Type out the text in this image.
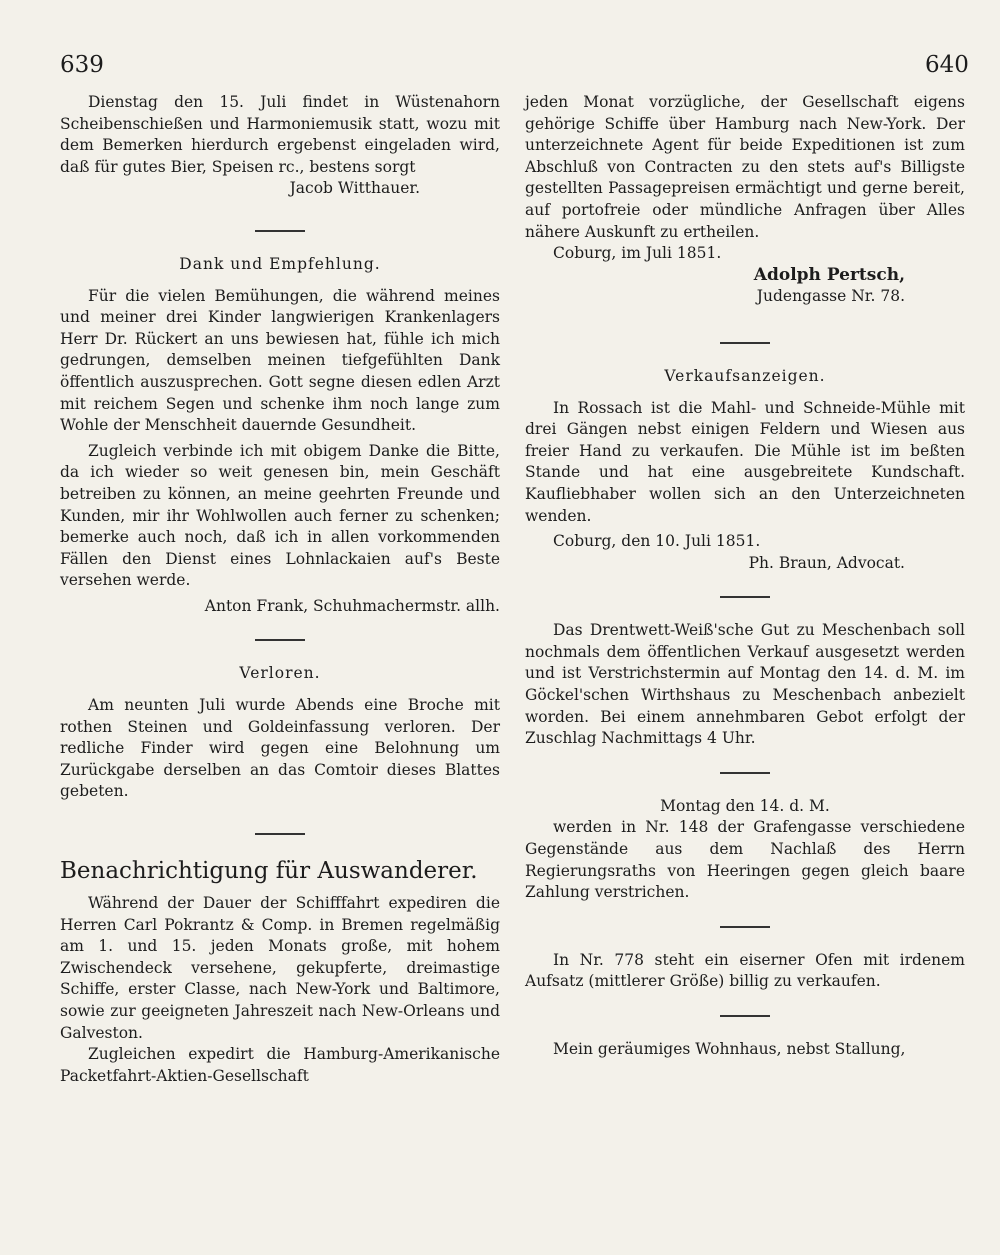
639	640

Dienstag den 15. Juli findet in Wüstenahorn Scheibenschießen und Harmoniemusik statt, wozu mit dem Bemerken hierdurch ergebenst eingeladen wird, daß für gutes Bier, Speisen rc., bestens sorgt

Jacob Witthauer.

Dank und Empfehlung.

Für die vielen Bemühungen, die während meines und meiner drei Kinder langwierigen Krankenlagers Herr Dr. Rückert an uns bewiesen hat, fühle ich mich gedrungen, demselben meinen tiefgefühlten Dank öffentlich auszusprechen. Gott segne diesen edlen Arzt mit reichem Segen und schenke ihm noch lange zum Wohle der Menschheit dauernde Gesundheit.

Zugleich verbinde ich mit obigem Danke die Bitte, da ich wieder so weit genesen bin, mein Geschäft betreiben zu können, an meine geehrten Freunde und Kunden, mir ihr Wohlwollen auch ferner zu schenken; bemerke auch noch, daß ich in allen vorkommenden Fällen den Dienst eines Lohnlackaien auf's Beste versehen werde.

Anton Frank, Schuhmachermstr. allh.

Verloren.

Am neunten Juli wurde Abends eine Broche mit rothen Steinen und Goldeinfassung verloren. Der redliche Finder wird gegen eine Belohnung um Zurückgabe derselben an das Comtoir dieses Blattes gebeten.

Benachrichtigung für Auswanderer.

Während der Dauer der Schifffahrt expediren die Herren Carl Pokrantz & Comp. in Bremen regelmäßig am 1. und 15. jeden Monats große, mit hohem Zwischendeck versehene, gekupferte, dreimastige Schiffe, erster Classe, nach New-York und Baltimore, sowie zur geeigneten Jahreszeit nach New-Orleans und Galveston.

Zugleichen expedirt die Hamburg-Amerikanische Packetfahrt-Aktien-Gesellschaft

jeden Monat vorzügliche, der Gesellschaft eigens gehörige Schiffe über Hamburg nach New-York. Der unterzeichnete Agent für beide Expeditionen ist zum Abschluß von Contracten zu den stets auf's Billigste gestellten Passagepreisen ermächtigt und gerne bereit, auf portofreie oder mündliche Anfragen über Alles nähere Auskunft zu ertheilen.

Coburg, im Juli 1851.

Adolph Pertsch,

Judengasse Nr. 78.

Verkaufsanzeigen.

In Rossach ist die Mahl- und Schneide-Mühle mit drei Gängen nebst einigen Feldern und Wiesen aus freier Hand zu verkaufen. Die Mühle ist im beßten Stande und hat eine ausgebreitete Kundschaft. Kaufliebhaber wollen sich an den Unterzeichneten wenden.

Coburg, den 10. Juli 1851.

Ph. Braun, Advocat.

Das Drentwett-Weiß'sche Gut zu Meschenbach soll nochmals dem öffentlichen Verkauf ausgesetzt werden und ist Verstrichstermin auf Montag den 14. d. M. im Göckel'schen Wirthshaus zu Meschenbach anbezielt worden. Bei einem annehmbaren Gebot erfolgt der Zuschlag Nachmittags 4 Uhr.

Montag den 14. d. M.

werden in Nr. 148 der Grafengasse verschiedene Gegenstände aus dem Nachlaß des Herrn Regierungsraths von Heeringen gegen gleich baare Zahlung verstrichen.

In Nr. 778 steht ein eiserner Ofen mit irdenem Aufsatz (mittlerer Größe) billig zu verkaufen.

Mein geräumiges Wohnhaus, nebst Stallung,
